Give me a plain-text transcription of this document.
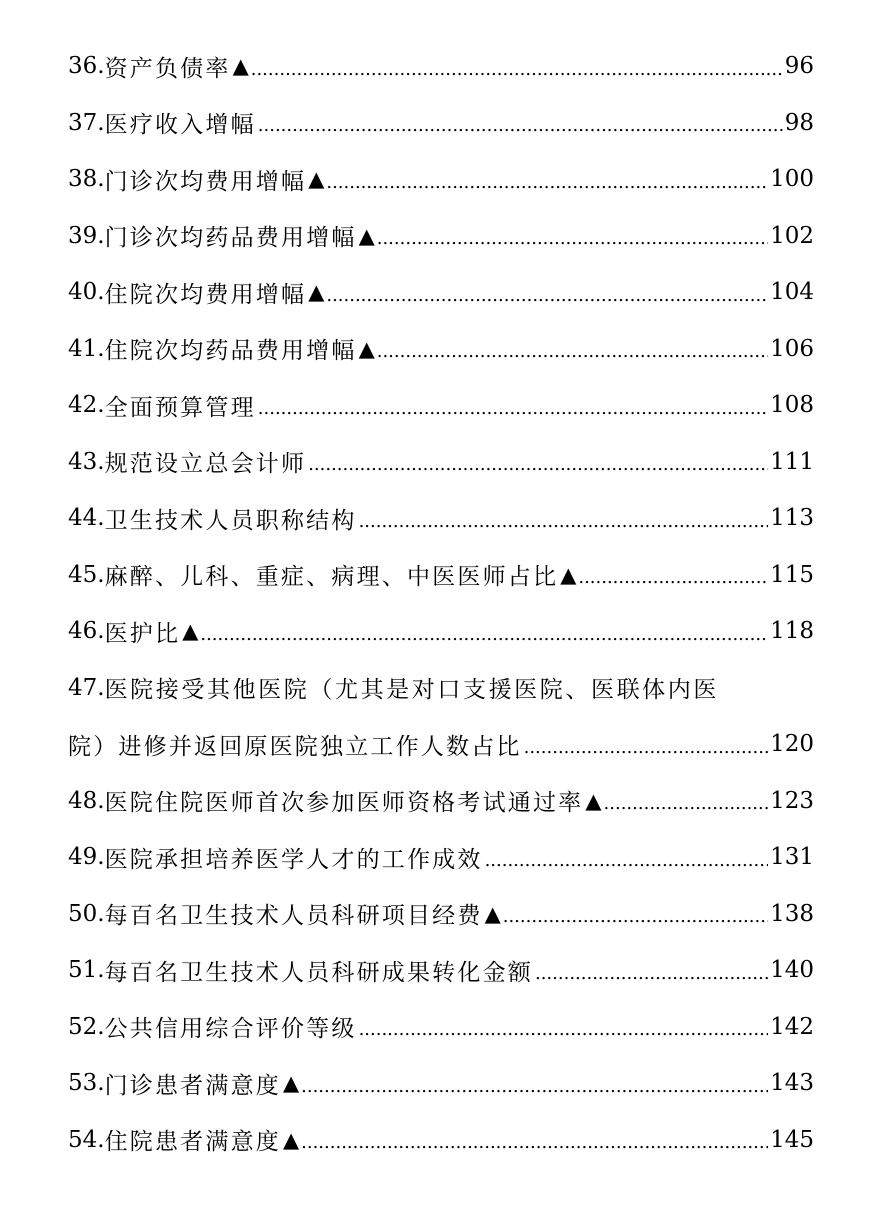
36. 资产负债率 ▲ .....	96
37. 医疗收入增幅 .....	98
38. 门诊次均费用增幅 ▲ .....	100
39. 门诊次均药品费用增幅 ▲ .....	102
40. 住院次均费用增幅 ▲ .....	104
41. 住院次均药品费用增幅 ▲ .....	106
42. 全面预算管理 .....	108
43. 规范设立总会计师 .....	111
44. 卫生技术人员职称结构 .....	113
45. 麻醉、儿科、重症、病理、中医医师占比 ▲ .....	115
46. 医护比 ▲ .....	118
47. 医院接受其他医院（尤其是对口支援医院、医联体内医
院）进修并返回原医院独立工作人数占比 .....	120
48. 医院住院医师首次参加医师资格考试通过率 ▲ .....	123
49. 医院承担培养医学人才的工作成效 .....	131
50. 每百名卫生技术人员科研项目经费 ▲ .....	138
51. 每百名卫生技术人员科研成果转化金额 .....	140
52. 公共信用综合评价等级 .....	142
53. 门诊患者满意度 ▲ .....	143
54. 住院患者满意度 ▲ .....	145
